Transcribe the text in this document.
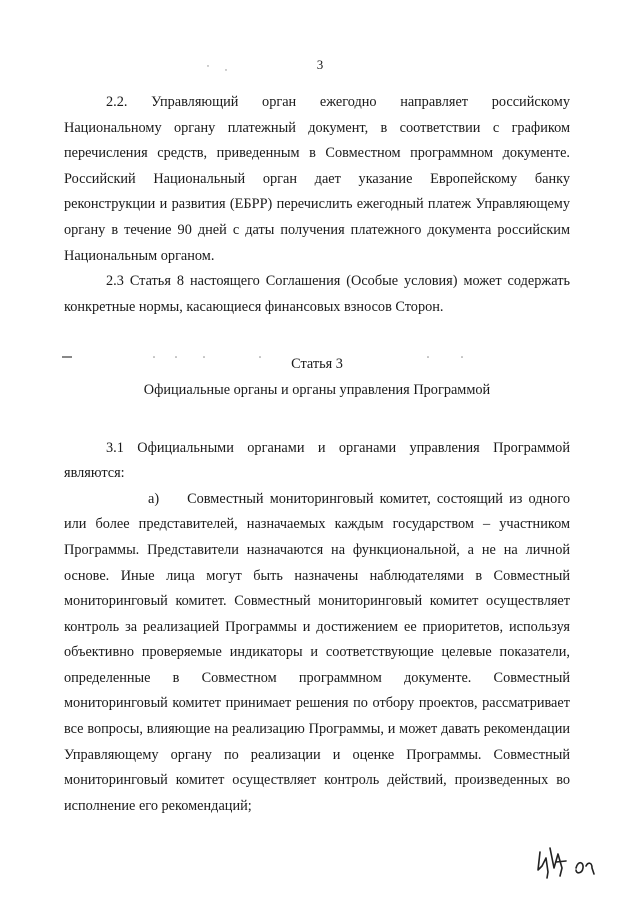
3

2.2. Управляющий орган ежегодно направляет российскому Национальному органу платежный документ, в соответствии с графиком перечисления средств, приведенным в Совместном программном документе. Российский Национальный орган дает указание Европейскому банку реконструкции и развития (ЕБРР) перечислить ежегодный платеж Управляющему органу в течение 90 дней с даты получения платежного документа российским Национальным органом.

2.3 Статья 8 настоящего Соглашения (Особые условия) может содержать конкретные нормы, касающиеся финансовых взносов Сторон.

Статья 3

Официальные органы и органы управления Программой

3.1 Официальными органами и органами управления Программой являются:

а) Совместный мониторинговый комитет, состоящий из одного или более представителей, назначаемых каждым государством – участником Программы. Представители назначаются на функциональной, а не на личной основе. Иные лица могут быть назначены наблюдателями в Совместный мониторинговый комитет. Совместный мониторинговый комитет осуществляет контроль за реализацией Программы и достижением ее приоритетов, используя объективно проверяемые индикаторы и соответствующие целевые показатели, определенные в Совместном программном документе. Совместный мониторинговый комитет принимает решения по отбору проектов, рассматривает все вопросы, влияющие на реализацию Программы, и может давать рекомендации Управляющему органу по реализации и оценке Программы. Совместный мониторинговый комитет осуществляет контроль действий, произведенных во исполнение его рекомендаций;
